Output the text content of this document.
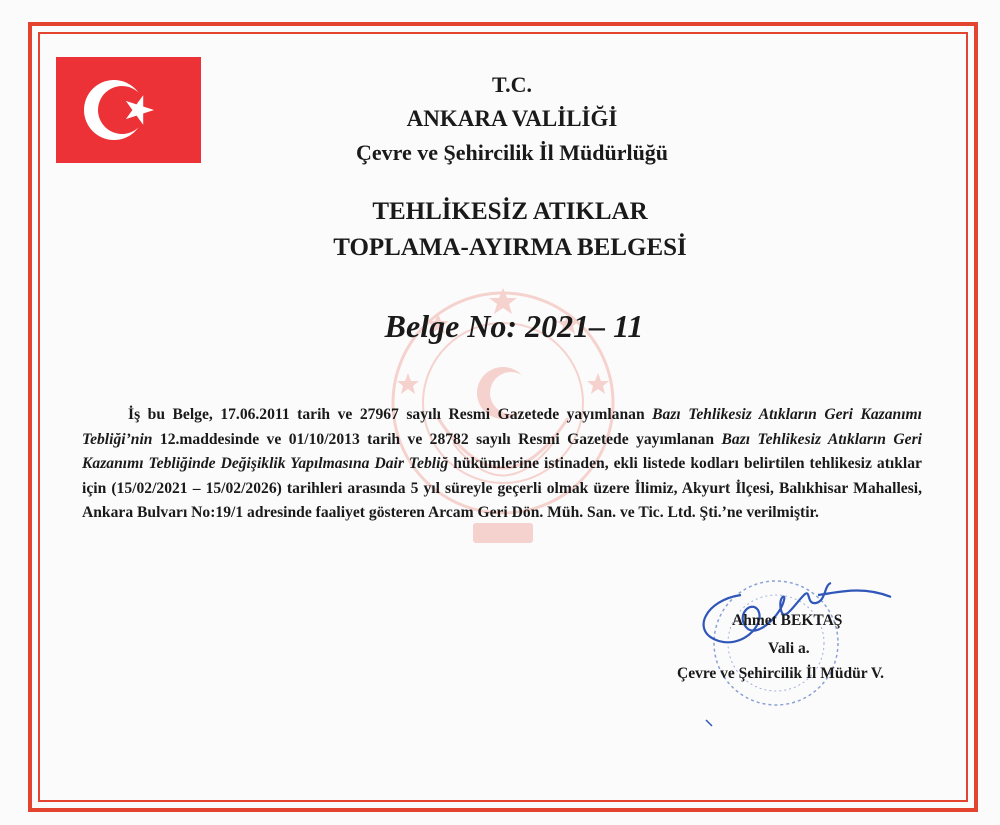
T.C.
ANKARA VALİLİĞİ
Çevre ve Şehircilik İl Müdürlüğü
TEHLİKESİZ ATIKLAR
TOPLAMA-AYIRMA BELGESİ
Belge No: 2021– 11
İş bu Belge, 17.06.2011 tarih ve 27967 sayılı Resmi Gazetede yayımlanan Bazı Tehlikesiz Atıkların Geri Kazanımı Tebliği’nin 12.maddesinde ve 01/10/2013 tarih ve 28782 sayılı Resmi Gazetede yayımlanan Bazı Tehlikesiz Atıkların Geri Kazanımı Tebliğinde Değişiklik Yapılmasına Dair Tebliğ hükümlerine istinaden, ekli listede kodları belirtilen tehlikesiz atıklar için (15/02/2021 – 15/02/2026) tarihleri arasında 5 yıl süreyle geçerli olmak üzere İlimiz, Akyurt İlçesi, Balıkhisar Mahallesi, Ankara Bulvarı No:19/1 adresinde faaliyet gösteren Arcam Geri Dön. Müh. San. ve Tic. Ltd. Şti.’ne verilmiştir.
Ahmet BEKTAŞ
Vali a.
Çevre ve Şehircilik İl Müdür V.
